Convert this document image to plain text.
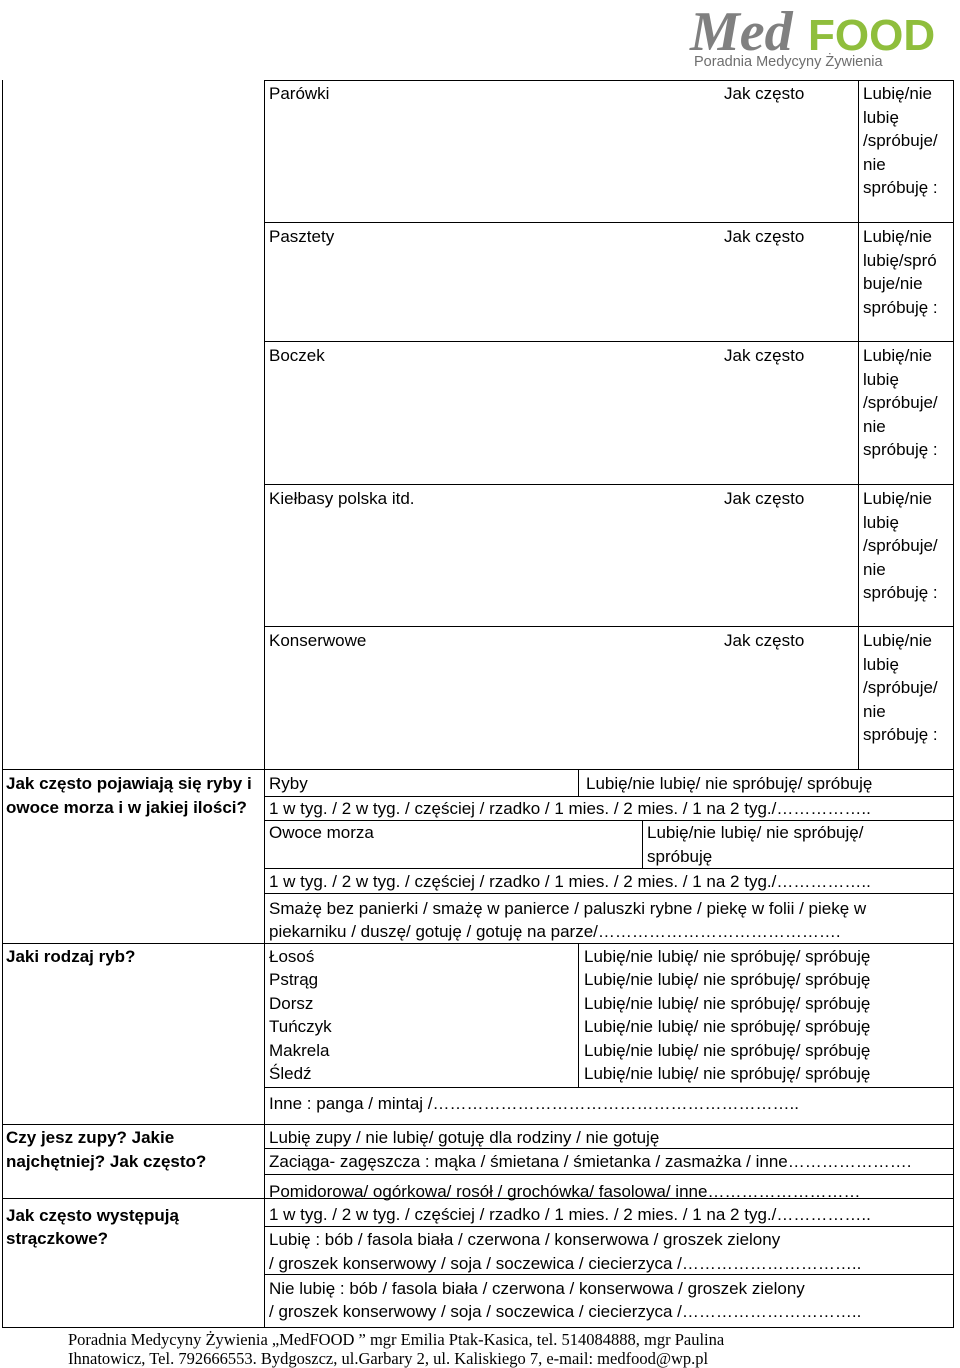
Med FOOD
Poradnia Medycyny Żywienia
Parówki	Jak często	Lubię/nie
lubię
/spróbuje/
nie
spróbuję :
Pasztety	Jak często	Lubię/nie
lubię/spró
buje/nie
spróbuję :
Boczek	Jak często	Lubię/nie
lubię
/spróbuje/
nie
spróbuję :
Kiełbasy polska itd.	Jak często	Lubię/nie
lubię
/spróbuje/
nie
spróbuję :
Konserwowe	Jak często	Lubię/nie
lubię
/spróbuje/
nie
spróbuję :
Jak często pojawiają się ryby i
owoce morza i w jakiej ilości?
Ryby	Lubię/nie lubię/ nie spróbuję/ spróbuję
1 w tyg. / 2 w tyg. / częściej / rzadko / 1 mies. / 2 mies. / 1 na 2 tyg./……………..
Owoce morza	Lubię/nie lubię/ nie spróbuję/
spróbuję
1 w tyg. / 2 w tyg. / częściej / rzadko / 1 mies. / 2 mies. / 1 na 2 tyg./……………..
Smażę bez panierki / smażę w panierce / paluszki rybne / piekę w folii / piekę w
piekarniku / duszę/ gotuję / gotuję na parze/…………………………………….
Jaki rodzaj ryb?	Łosoś	Lubię/nie lubię/ nie spróbuję/ spróbuję
Pstrąg	Lubię/nie lubię/ nie spróbuję/ spróbuję
Dorsz	Lubię/nie lubię/ nie spróbuję/ spróbuję
Tuńczyk	Lubię/nie lubię/ nie spróbuję/ spróbuję
Makrela	Lubię/nie lubię/ nie spróbuję/ spróbuję
Śledź	Lubię/nie lubię/ nie spróbuję/ spróbuję
Inne : panga / mintaj /………………………………………………………..
Czy jesz zupy? Jakie
najchętniej? Jak często?
Lubię zupy / nie lubię/ gotuję dla rodziny / nie gotuję
Zaciąga- zagęszcza : mąka / śmietana / śmietanka / zasmażka / inne………………….
Pomidorowa/ ogórkowa/ rosół / grochówka/ fasolowa/ inne………………………
Jak często występują
strączkowe?
1 w tyg. / 2 w tyg. / częściej / rzadko / 1 mies. / 2 mies. / 1 na 2 tyg./……………..
Lubię : bób / fasola biała / czerwona / konserwowa / groszek zielony
/ groszek konserwowy / soja / soczewica / ciecierzyca /…………………………..
Nie lubię : bób / fasola biała / czerwona / konserwowa / groszek zielony
/ groszek konserwowy / soja / soczewica / ciecierzyca /…………………………..
Poradnia Medycyny Żywienia „MedFOOD ” mgr Emilia Ptak-Kasica, tel. 514084888, mgr Paulina
Ihnatowicz, Tel. 792666553. Bydgoszcz, ul.Garbary 2, ul. Kaliskiego 7, e-mail: medfood@wp.pl
